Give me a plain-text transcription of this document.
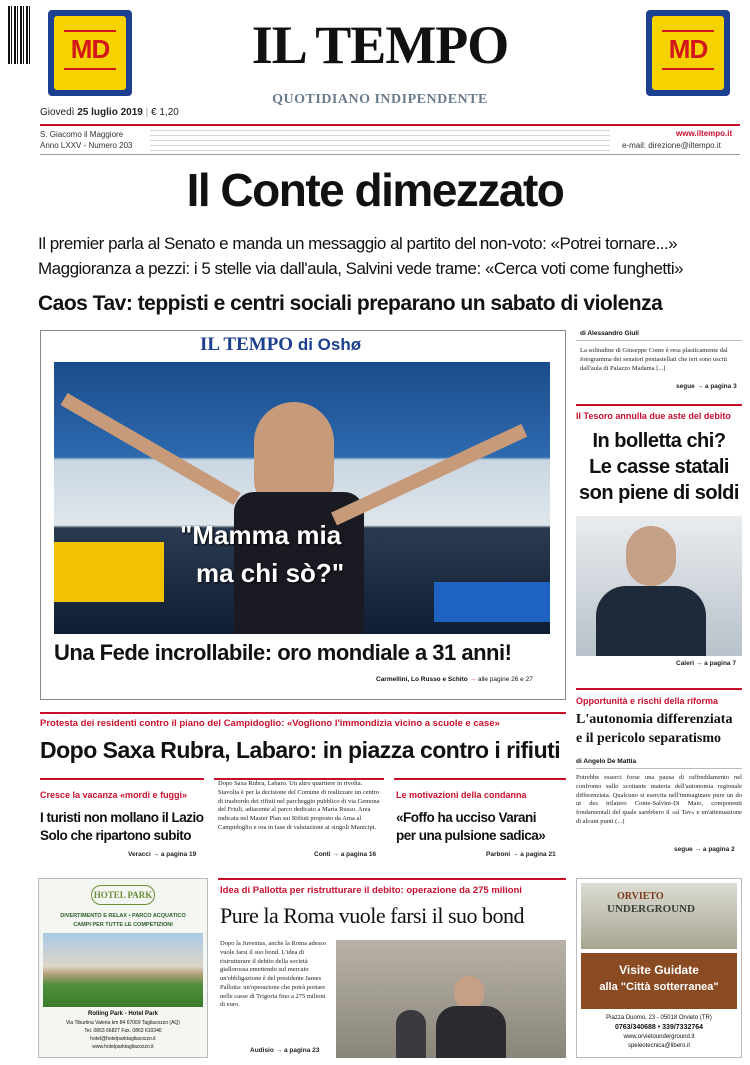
MD	IL TEMPO
QUOTIDIANO INDIPENDENTE
MD
Giovedì 25 luglio 2019 | € 1,20
S. Giacomo il Maggiore
Anno LXXV - Numero 203
www.iltempo.it
e-mail: direzione@iltempo.it
Il Conte dimezzato
Il premier parla al Senato e manda un messaggio al partito del non-voto: «Potrei tornare...»
Maggioranza a pezzi: i 5 stelle via dall'aula, Salvini vede trame: «Cerca voti come funghetti»
Caos Tav: teppisti e centri sociali preparano un sabato di violenza
IL TEMPO di Oshø
"Mamma mia
ma chi sò?"
Una Fede incrollabile: oro mondiale a 31 anni!
Carmellini, Lo Russo e Schito → alle pagine 26 e 27
di Alessandro Giuli
La solitudine di Giuseppe Conte è resa plasticamente dal fotogramma dei senatori pentastellati che ieri sono usciti dall'aula di Palazzo Madama [...]
segue → a pagina 3
Il Tesoro annulla due aste del debito
In bolletta chi?
Le casse statali
son piene di soldi
Caleri → a pagina 7
Opportunità e rischi della riforma
L'autonomia differenziata
e il pericolo separatismo
di Angelo De Mattia
Potrebbe esserci forse una pausa di raffreddamento nel confronto sullo scottante materia dell'autonomia regionale differenziata. Qualcuno si esercita nell'immaginare pure un do ut des trilatero Conte-Salvini-Di Maio, componenti fondamentali del quale sarebbero il «sì Tav» e un'attenuazione di alcuni punti (...)
segue → a pagina 2
Protesta dei residenti contro il piano del Campidoglio: «Vogliono l'immondizia vicino a scuole e case»
Dopo Saxa Rubra, Labaro: in piazza contro i rifiuti
Cresce la vacanza «mordi e fuggi»
I turisti non mollano il Lazio
Solo che ripartono subito
Veracci → a pagina 19
Dopo Saxa Rubra, Labaro. Un altro quartiere in rivolta. Stavolta è per la decisione del Comune di realizzare un centro di trasbordo dei rifiuti nel parcheggio pubblico di via Gemona del Friuli, adiacente al parco dedicato a Marta Russo. Area indicata nel Master Plan sui Rifiuti proposto da Ama al Campidoglio e ora in fase di valutazione ai singoli Municipi.
Conti → a pagina 16
Le motivazioni della condanna
«Foffo ha ucciso Varani
per una pulsione sadica»
Parboni → a pagina 21
HOTEL PARK
DIVERTIMENTO E RELAX • PARCO ACQUATICO
CAMPI PER TUTTE LE COMPETIZIONI
Rolling Park - Hotel Park
Via Tiburtina Valeria km 84 67069 Tagliacozzo (AQ)
Tel. 0863 66827 Fax. 0863 610346
hotel@hotelparktagliacozzo.it
www.hotelparktagliacozzo.it
Idea di Pallotta per ristrutturare il debito: operazione da 275 milioni
Pure la Roma vuole farsi il suo bond
Dopo la Juventus, anche la Roma adesso vuole farsi il suo bond. L'idea di ristrutturare il debito della società giallorossa emettendo sul mercato un'obbligazione è del presidente James Pallotta: un'operazione che potrà portare nelle casse di Trigoria fino a 275 milioni di euro.
Audisio → a pagina 23
ORVIETO
UNDERGROUND
Visite Guidate
alla "Città sotterranea"
Piazza Duomo, 23 - 05018 Orvieto (TR)
0763/340688 • 339/7332764
www.orvietounderground.it
speleotecnica@libero.it
